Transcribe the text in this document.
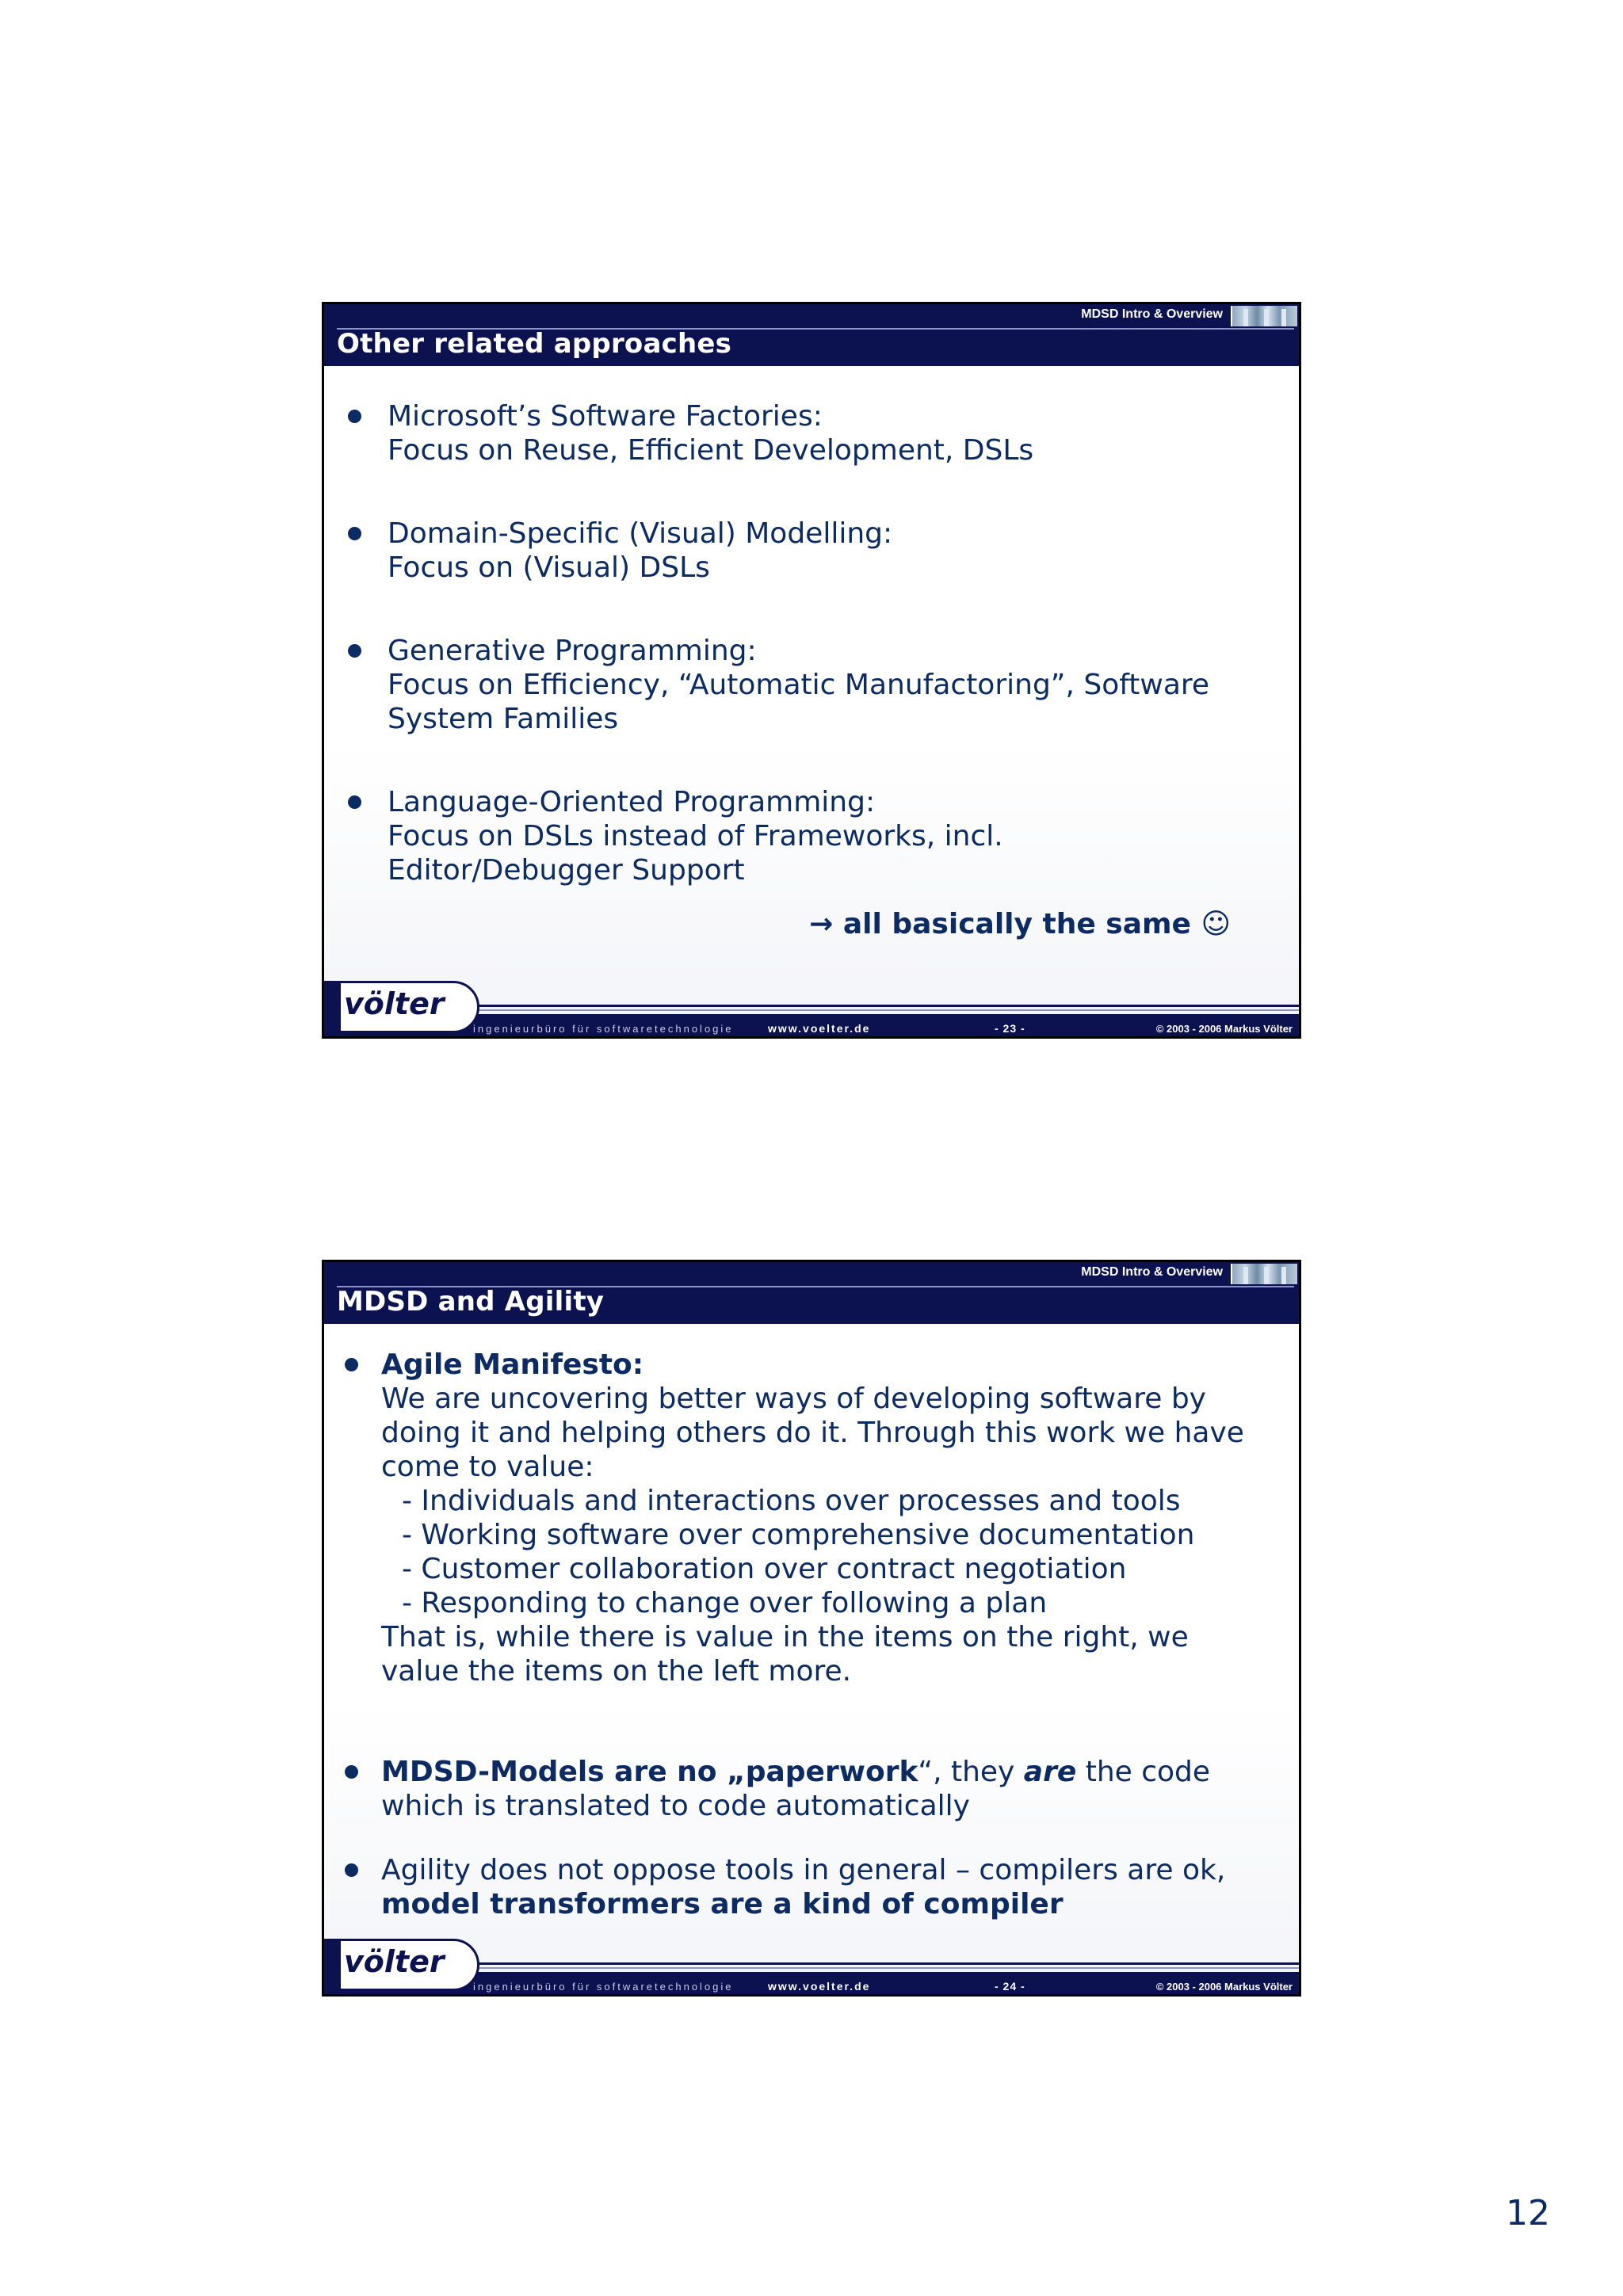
MDSD Intro & Overview
Other related approaches
Microsoft’s Software Factories:
Focus on Reuse, Efficient Development, DSLs
Domain-Specific (Visual) Modelling:
Focus on (Visual) DSLs
Generative Programming:
Focus on Efficiency, “Automatic Manufactoring”, Software
System Families
Language-Oriented Programming:
Focus on DSLs instead of Frameworks, incl.
Editor/Debugger Support
→ all basically the same ☺
ingenieurbüro für softwaretechnologie	www.voelter.de	- 23 -	© 2003 - 2006 Markus Völter
völter
MDSD Intro & Overview
MDSD and Agility
Agile Manifesto:
We are uncovering better ways of developing software by
doing it and helping others do it. Through this work we have
come to value:
- Individuals and interactions over processes and tools
- Working software over comprehensive documentation
- Customer collaboration over contract negotiation
- Responding to change over following a plan
That is, while there is value in the items on the right, we
value the items on the left more.
MDSD-Models are no „paperwork“, they are the code
which is translated to code automatically
Agility does not oppose tools in general – compilers are ok,
model transformers are a kind of compiler
ingenieurbüro für softwaretechnologie	www.voelter.de	- 24 -	© 2003 - 2006 Markus Völter
völter
12
